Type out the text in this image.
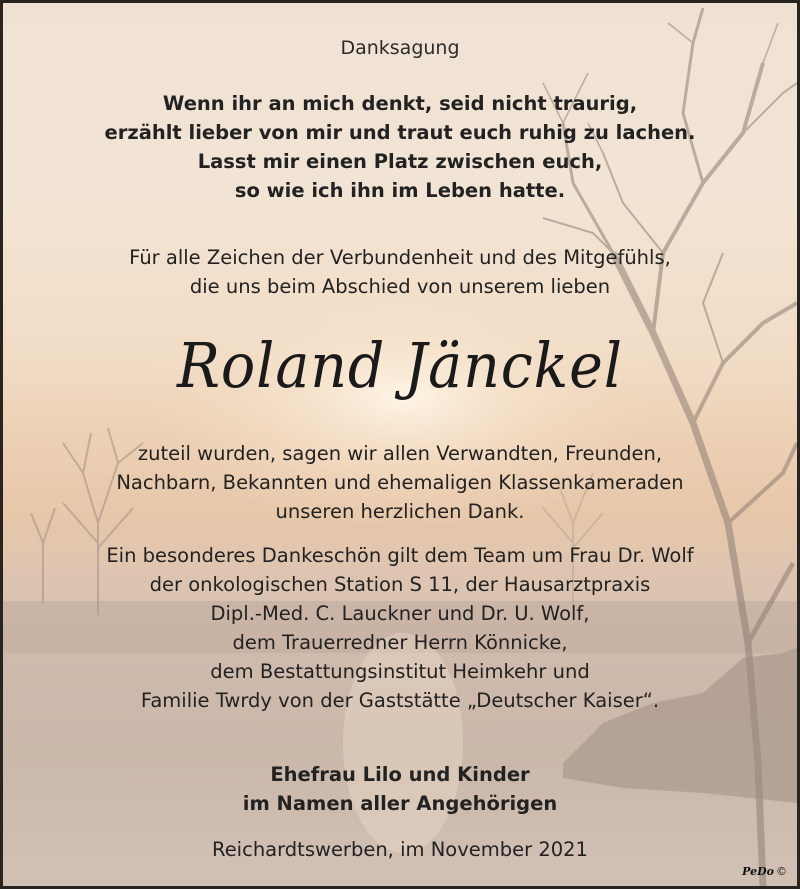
Danksagung
Wenn ihr an mich denkt, seid nicht traurig,
erzählt lieber von mir und traut euch ruhig zu lachen.
Lasst mir einen Platz zwischen euch,
so wie ich ihn im Leben hatte.
Für alle Zeichen der Verbundenheit und des Mitgefühls,
die uns beim Abschied von unserem lieben
Roland Jänckel
zuteil wurden, sagen wir allen Verwandten, Freunden,
Nachbarn, Bekannten und ehemaligen Klassenkameraden
unseren herzlichen Dank.
Ein besonderes Dankeschön gilt dem Team um Frau Dr. Wolf
der onkologischen Station S 11, der Hausarztpraxis
Dipl.-Med. C. Lauckner und Dr. U. Wolf,
dem Trauerredner Herrn Könnicke,
dem Bestattungsinstitut Heimkehr und
Familie Twrdy von der Gaststätte „Deutscher Kaiser“.
Ehefrau Lilo und Kinder
im Namen aller Angehörigen
Reichardtswerben, im November 2021
PeDo ©
